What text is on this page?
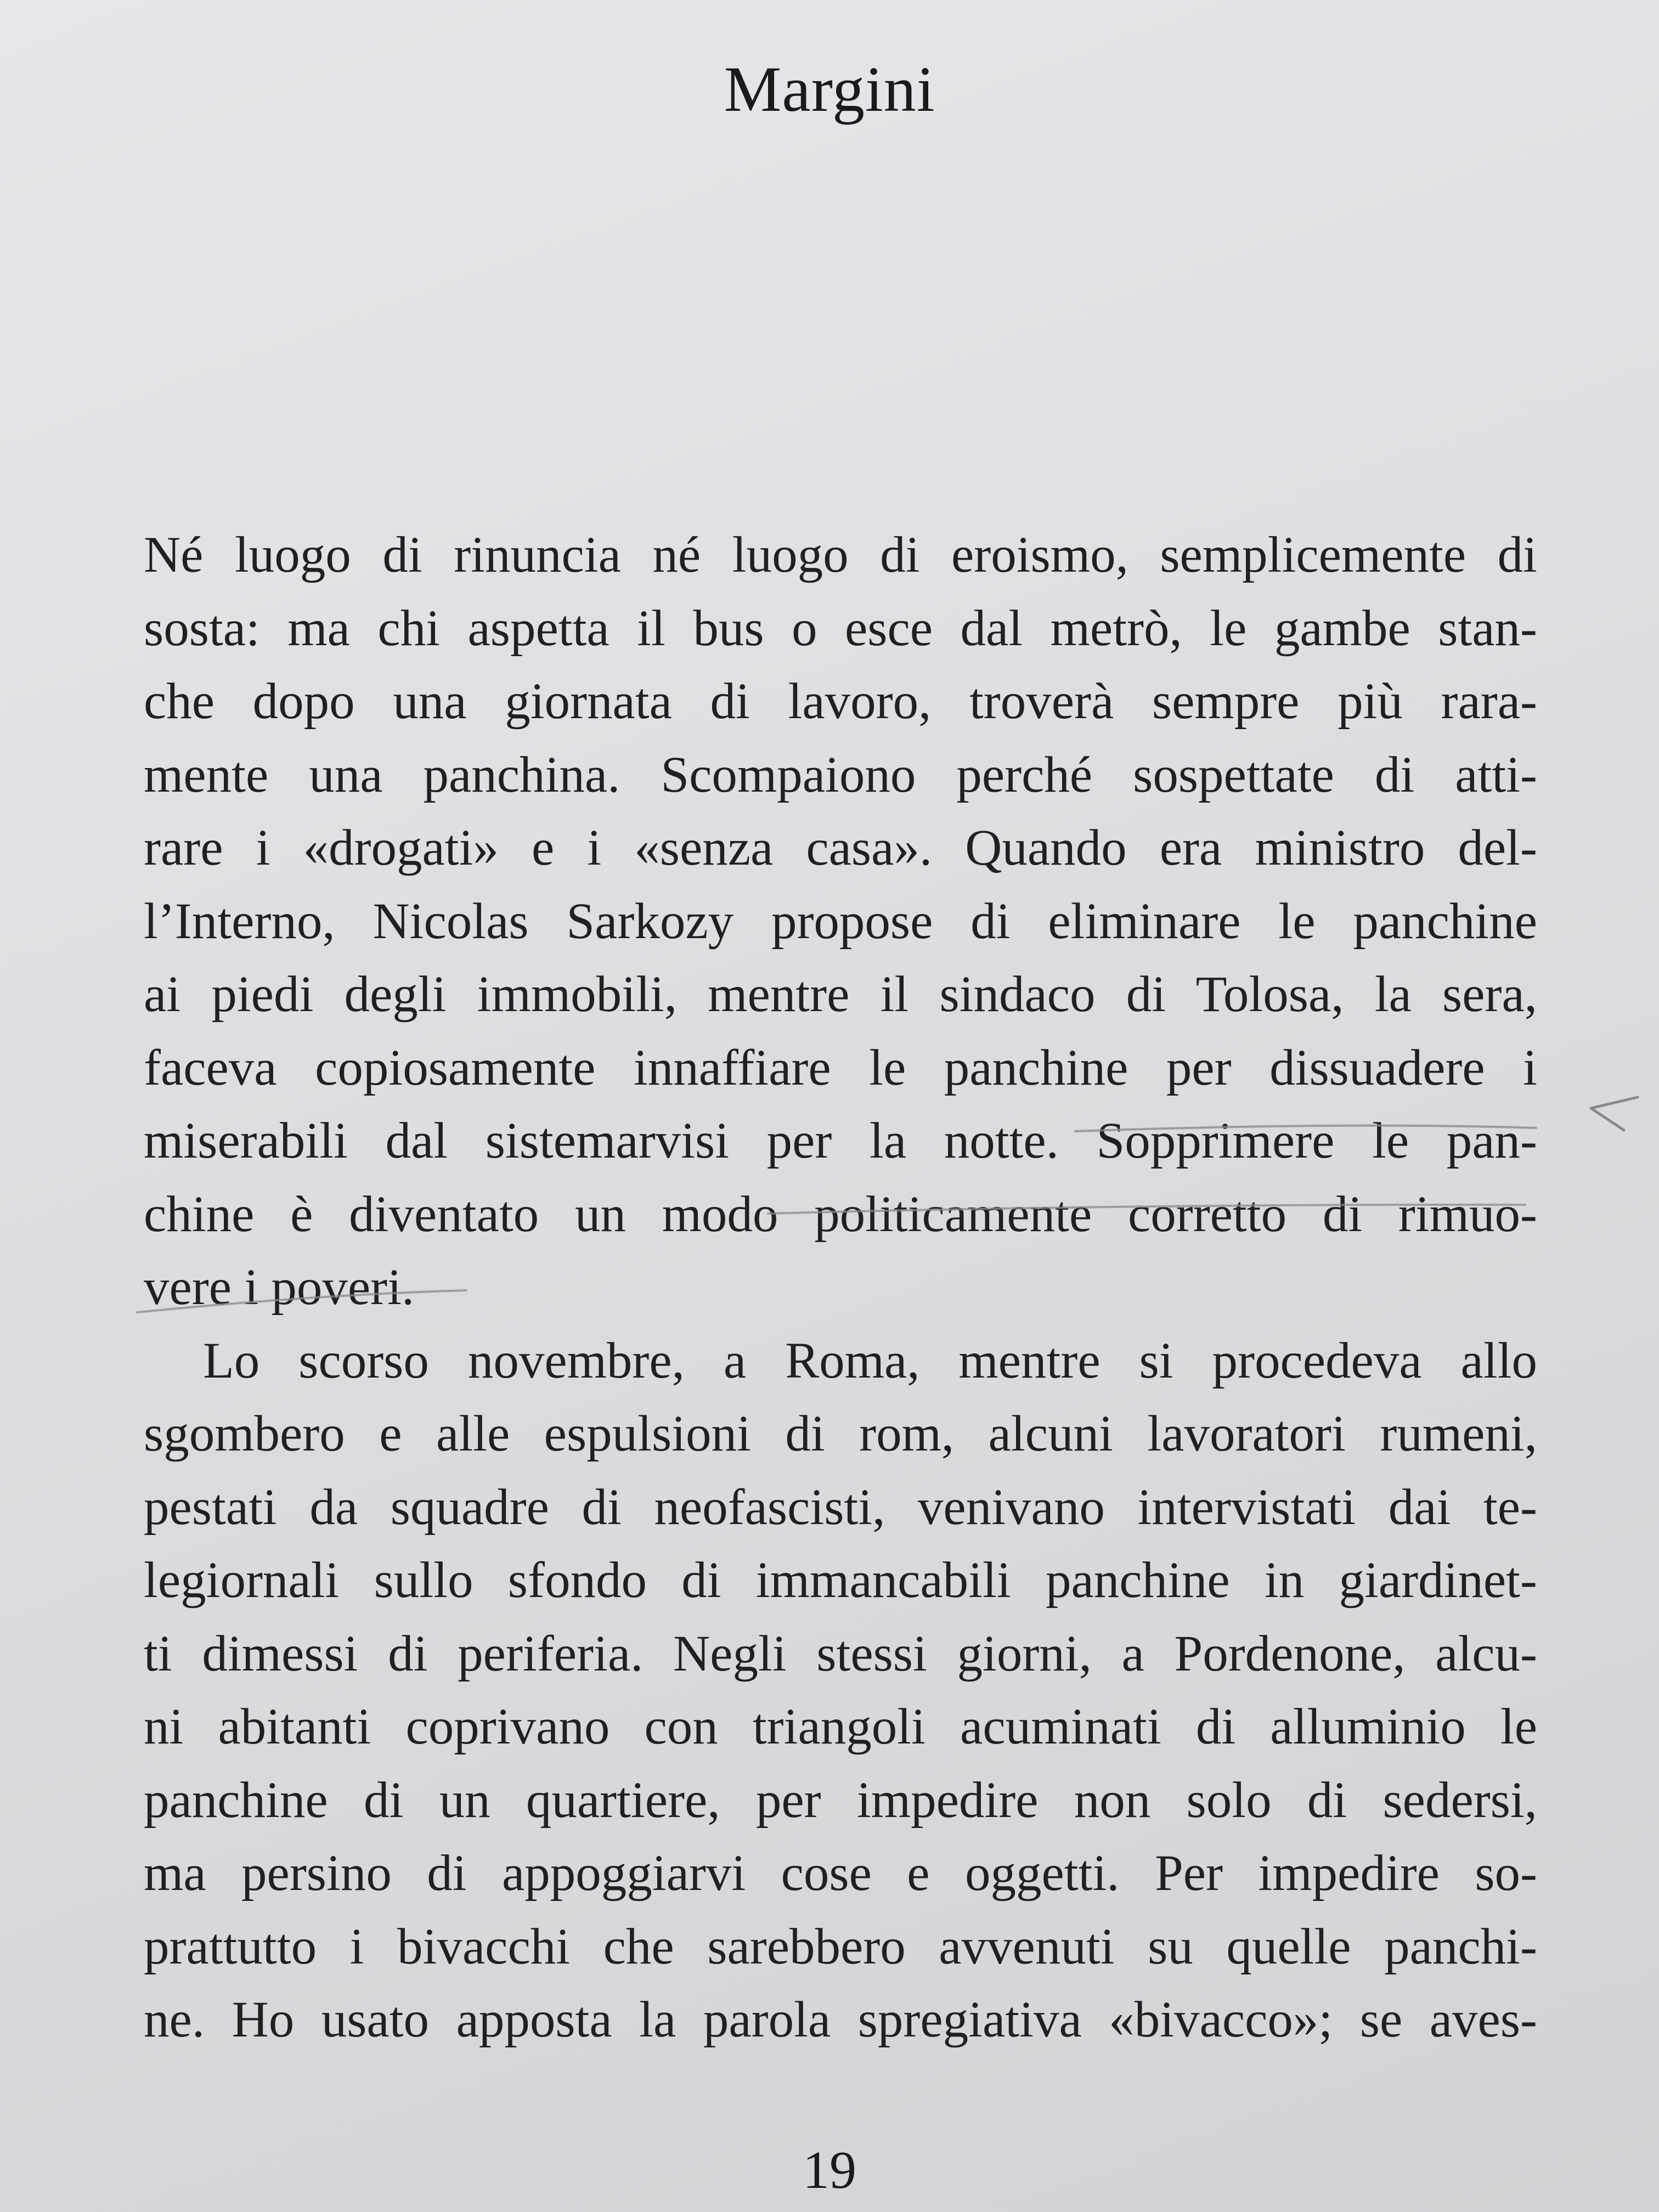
Margini
Né luogo di rinuncia né luogo di eroismo, semplicemente di
sosta: ma chi aspetta il bus o esce dal metrò, le gambe stan-
che dopo una giornata di lavoro, troverà sempre più rara-
mente una panchina. Scompaiono perché sospettate di atti-
rare i «drogati» e i «senza casa». Quando era ministro del-
l’Interno, Nicolas Sarkozy propose di eliminare le panchine
ai piedi degli immobili, mentre il sindaco di Tolosa, la sera,
faceva copiosamente innaffiare le panchine per dissuadere i
miserabili dal sistemarvisi per la notte. Sopprimere le pan-
chine è diventato un modo politicamente corretto di rimuo-
vere i poveri.
Lo scorso novembre, a Roma, mentre si procedeva allo
sgombero e alle espulsioni di rom, alcuni lavoratori rumeni,
pestati da squadre di neofascisti, venivano intervistati dai te-
legiornali sullo sfondo di immancabili panchine in giardinet-
ti dimessi di periferia. Negli stessi giorni, a Pordenone, alcu-
ni abitanti coprivano con triangoli acuminati di alluminio le
panchine di un quartiere, per impedire non solo di sedersi,
ma persino di appoggiarvi cose e oggetti. Per impedire so-
prattutto i bivacchi che sarebbero avvenuti su quelle panchi-
ne. Ho usato apposta la parola spregiativa «bivacco»; se aves-
19
